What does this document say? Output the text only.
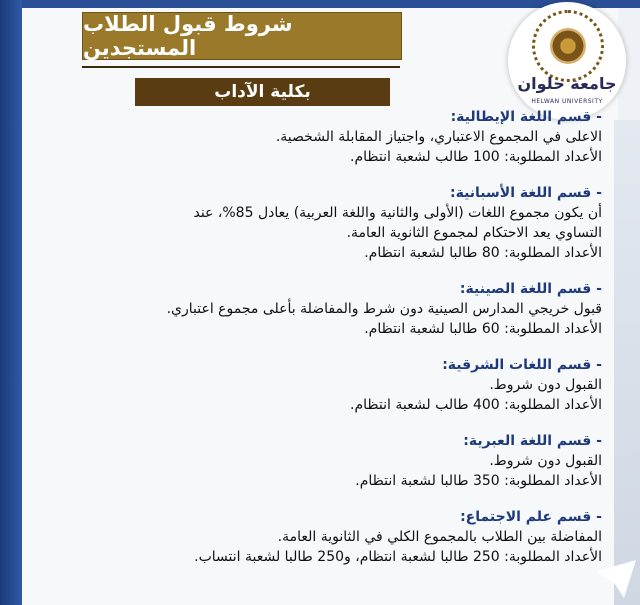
شروط قبول الطلاب المستجدين
بكلية الآداب	جامعة حلوان
HELWAN UNIVERSITY
- قسم اللغة الإيطالية:

الاعلى في المجموع الاعتباري، واجتياز المقابلة الشخصية.

الأعداد المطلوبة: 100 طالب لشعبة انتظام.

- قسم اللغة الأسبانية:

أن يكون مجموع اللغات (الأولى والثانية واللغة العربية) يعادل 85%، عند

التساوي يعد الاحتكام لمجموع الثانوية العامة.

الأعداد المطلوبة: 80 طالبا لشعبة انتظام.

- قسم اللغة الصينية:

قبول خريجي المدارس الصينية دون شرط والمفاضلة بأعلى مجموع اعتباري.

الأعداد المطلوبة: 60 طالبا لشعبة انتظام.

- قسم اللغات الشرقية:

القبول دون شروط.

الأعداد المطلوبة: 400 طالب لشعبة انتظام.

- قسم اللغة العبرية:

القبول دون شروط.

الأعداد المطلوبة: 350 طالبا لشعبة انتظام.

- قسم علم الاجتماع:

المفاضلة بين الطلاب بالمجموع الكلي في الثانوية العامة.

الأعداد المطلوبة: 250 طالبا لشعبة انتظام، و250 طالبا لشعبة انتساب.
